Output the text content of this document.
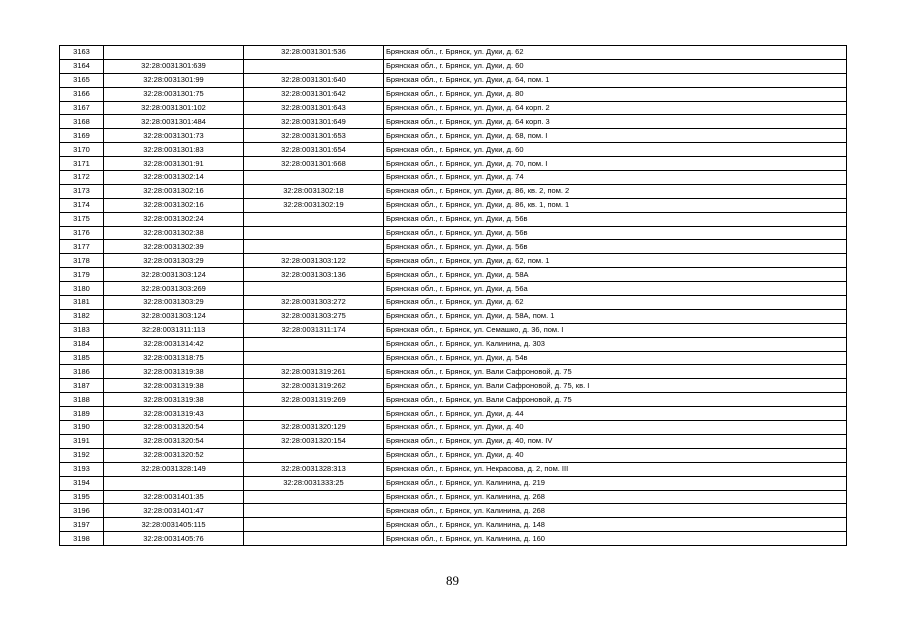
3163		32:28:0031301:536	Брянская обл., г. Брянск, ул. Дуки, д. 62
3164	32:28:0031301:639		Брянская обл., г. Брянск, ул. Дуки, д. 60
3165	32:28:0031301:99	32:28:0031301:640	Брянская обл., г. Брянск, ул. Дуки, д. 64, пом. 1
3166	32:28:0031301:75	32:28:0031301:642	Брянская обл., г. Брянск, ул. Дуки, д. 80
3167	32:28:0031301:102	32:28:0031301:643	Брянская обл., г. Брянск, ул. Дуки, д. 64 корп. 2
3168	32:28:0031301:484	32:28:0031301:649	Брянская обл., г. Брянск, ул. Дуки, д. 64 корп. 3
3169	32:28:0031301:73	32:28:0031301:653	Брянская обл., г. Брянск, ул. Дуки, д. 68, пом. I
3170	32:28:0031301:83	32:28:0031301:654	Брянская обл., г. Брянск, ул. Дуки, д. 60
3171	32:28:0031301:91	32:28:0031301:668	Брянская обл., г. Брянск, ул. Дуки, д. 70, пом. I
3172	32:28:0031302:14		Брянская обл., г. Брянск, ул. Дуки, д. 74
3173	32:28:0031302:16	32:28:0031302:18	Брянская обл., г. Брянск, ул. Дуки, д. 86, кв. 2, пом. 2
3174	32:28:0031302:16	32:28:0031302:19	Брянская обл., г. Брянск, ул. Дуки, д. 86, кв. 1, пом. 1
3175	32:28:0031302:24		Брянская обл., г. Брянск, ул. Дуки, д. 56в
3176	32:28:0031302:38		Брянская обл., г. Брянск, ул. Дуки, д. 56в
3177	32:28:0031302:39		Брянская обл., г. Брянск, ул. Дуки, д. 56в
3178	32:28:0031303:29	32:28:0031303:122	Брянская обл., г. Брянск, ул. Дуки, д. 62, пом. 1
3179	32:28:0031303:124	32:28:0031303:136	Брянская обл., г. Брянск, ул. Дуки, д. 58А
3180	32:28:0031303:269		Брянская обл., г. Брянск, ул. Дуки, д. 56а
3181	32:28:0031303:29	32:28:0031303:272	Брянская обл., г. Брянск, ул. Дуки, д. 62
3182	32:28:0031303:124	32:28:0031303:275	Брянская обл., г. Брянск, ул. Дуки, д. 58А, пом. 1
3183	32:28:0031311:113	32:28:0031311:174	Брянская обл., г. Брянск, ул. Семашко, д. 36, пом. I
3184	32:28:0031314:42		Брянская обл., г. Брянск, ул. Калинина, д. 303
3185	32:28:0031318:75		Брянская обл., г. Брянск, ул. Дуки, д. 54в
3186	32:28:0031319:38	32:28:0031319:261	Брянская обл., г. Брянск, ул. Вали Сафроновой, д. 75
3187	32:28:0031319:38	32:28:0031319:262	Брянская обл., г. Брянск, ул. Вали Сафроновой, д. 75, кв. I
3188	32:28:0031319:38	32:28:0031319:269	Брянская обл., г. Брянск, ул. Вали Сафроновой, д. 75
3189	32:28:0031319:43		Брянская обл., г. Брянск, ул. Дуки, д. 44
3190	32:28:0031320:54	32:28:0031320:129	Брянская обл., г. Брянск, ул. Дуки, д. 40
3191	32:28:0031320:54	32:28:0031320:154	Брянская обл., г. Брянск, ул. Дуки, д. 40, пом. IV
3192	32:28:0031320:52		Брянская обл., г. Брянск, ул. Дуки, д. 40
3193	32:28:0031328:149	32:28:0031328:313	Брянская обл., г. Брянск, ул. Некрасова, д. 2, пом. III
3194		32:28:0031333:25	Брянская обл., г. Брянск, ул. Калинина, д. 219
3195	32:28:0031401:35		Брянская обл., г. Брянск, ул. Калинина, д. 268
3196	32:28:0031401:47		Брянская обл., г. Брянск, ул. Калинина, д. 268
3197	32:28:0031405:115		Брянская обл., г. Брянск, ул. Калинина, д. 148
3198	32:28:0031405:76		Брянская обл., г. Брянск, ул. Калинина, д. 160
89
